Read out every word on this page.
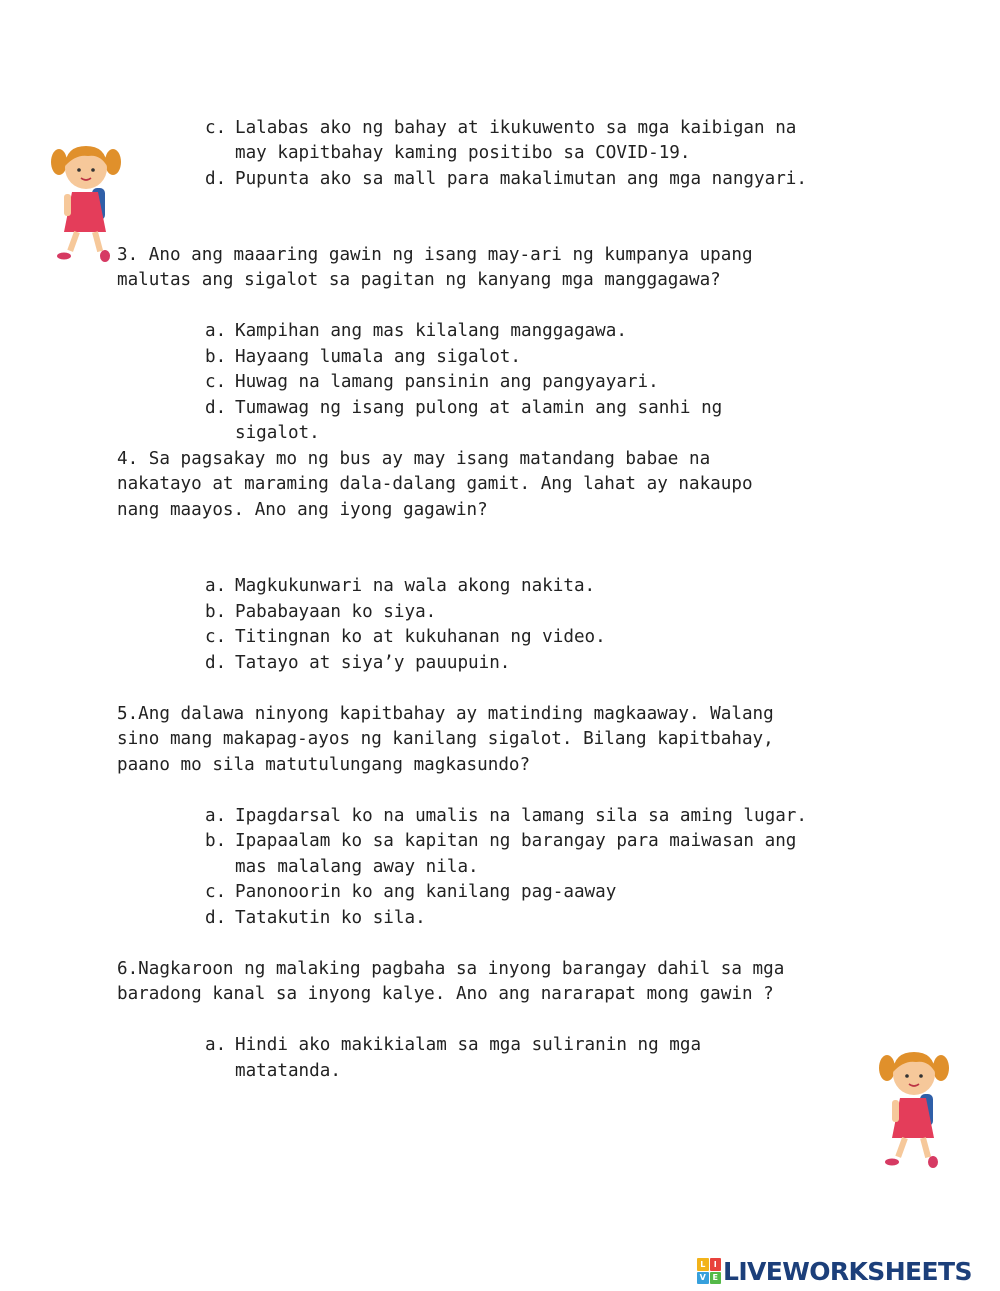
c. Lalabas ako ng bahay at ikukuwento sa mga kaibigan na
may kapitbahay kaming positibo sa COVID-19.
d. Pupunta ako sa mall para makalimutan ang mga nangyari.

3. Ano ang maaaring gawin ng isang may-ari ng kumpanya upang

malutas ang sigalot sa pagitan ng kanyang mga manggagawa?

a. Kampihan ang mas kilalang manggagawa.
b. Hayaang lumala ang sigalot.
c. Huwag na lamang pansinin ang pangyayari.
d. Tumawag ng isang pulong at alamin ang sanhi ng
sigalot.

4. Sa pagsakay mo ng bus ay may isang matandang babae na

nakatayo at maraming dala-dalang gamit. Ang lahat ay nakaupo

nang maayos. Ano ang iyong gagawin?

a. Magkukunwari na wala akong nakita.
b. Pababayaan ko siya.
c. Titingnan ko at kukuhanan ng video.
d. Tatayo at siya’y pauupuin.

5.Ang dalawa ninyong kapitbahay ay matinding magkaaway. Walang

sino mang makapag-ayos ng kanilang sigalot. Bilang kapitbahay,

paano mo sila matutulungang magkasundo?

a. Ipagdarsal ko na umalis na lamang sila sa aming lugar.
b. Ipapaalam ko sa kapitan ng barangay para maiwasan ang
mas malalang away nila.
c. Panonoorin ko ang kanilang pag-aaway
d. Tatakutin ko sila.

6.Nagkaroon ng malaking pagbaha sa inyong barangay dahil sa mga

baradong kanal sa inyong kalye. Ano ang nararapat mong gawin ?

a. Hindi ako makikialam sa mga suliranin ng mga
matatanda.
L	I
V E LIVEWORKSHEETS
